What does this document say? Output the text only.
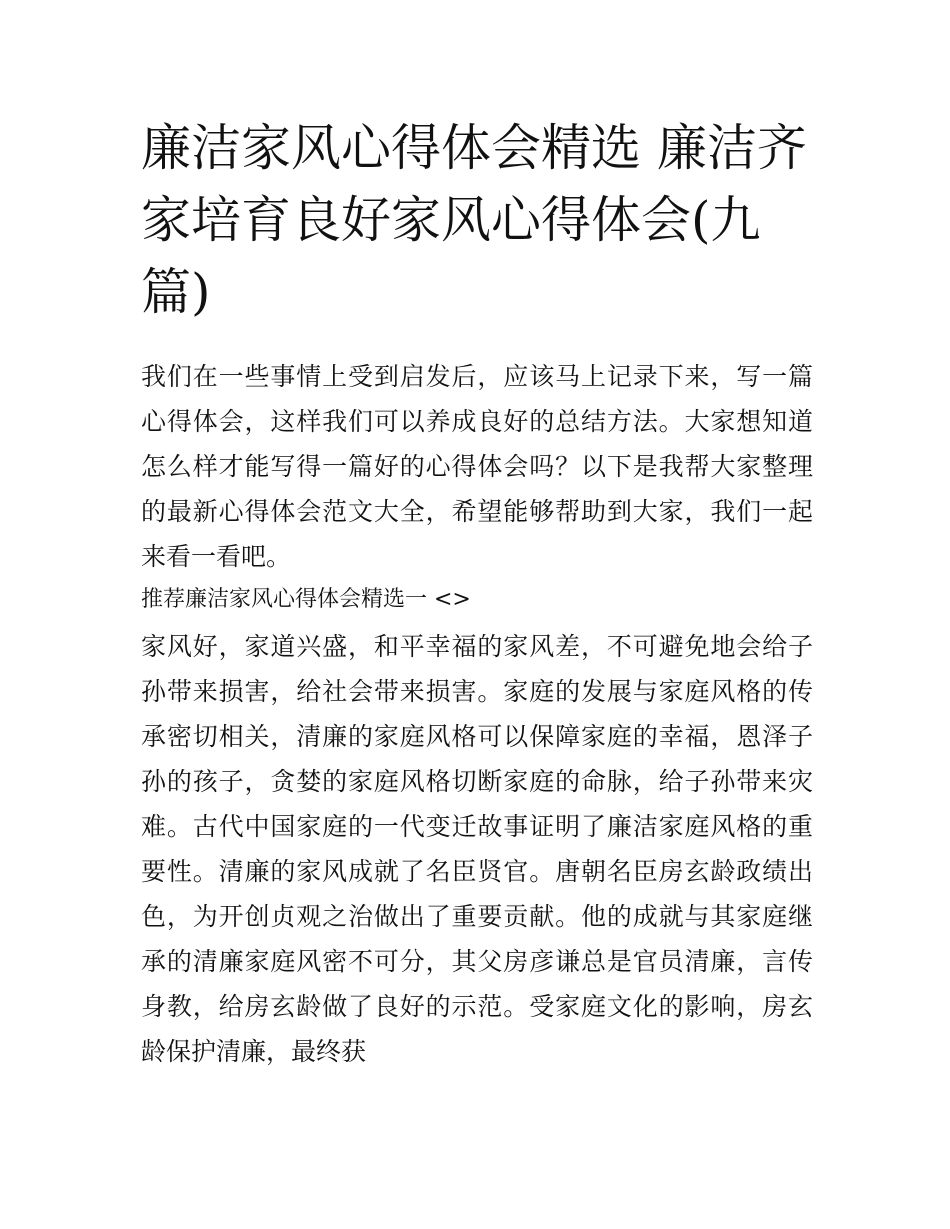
廉洁家风心得体会精选 廉洁齐家培育良好家风心得体会(九篇)

我们在一些事情上受到启发后，应该马上记录下来，写一篇心得体会，这样我们可以养成良好的总结方法。大家想知道怎么样才能写得一篇好的心得体会吗？以下是我帮大家整理的最新心得体会范文大全，希望能够帮助到大家，我们一起来看一看吧。

推荐廉洁家风心得体会精选一 <>

家风好，家道兴盛，和平幸福的家风差，不可避免地会给子孙带来损害，给社会带来损害。家庭的发展与家庭风格的传承密切相关，清廉的家庭风格可以保障家庭的幸福，恩泽子孙的孩子，贪婪的家庭风格切断家庭的命脉，给子孙带来灾难。古代中国家庭的一代变迁故事证明了廉洁家庭风格的重要性。清廉的家风成就了名臣贤官。唐朝名臣房玄龄政绩出色，为开创贞观之治做出了重要贡献。他的成就与其家庭继承的清廉家庭风密不可分，其父房彦谦总是官员清廉，言传身教，给房玄龄做了良好的示范。受家庭文化的影响，房玄龄保护清廉，最终获
